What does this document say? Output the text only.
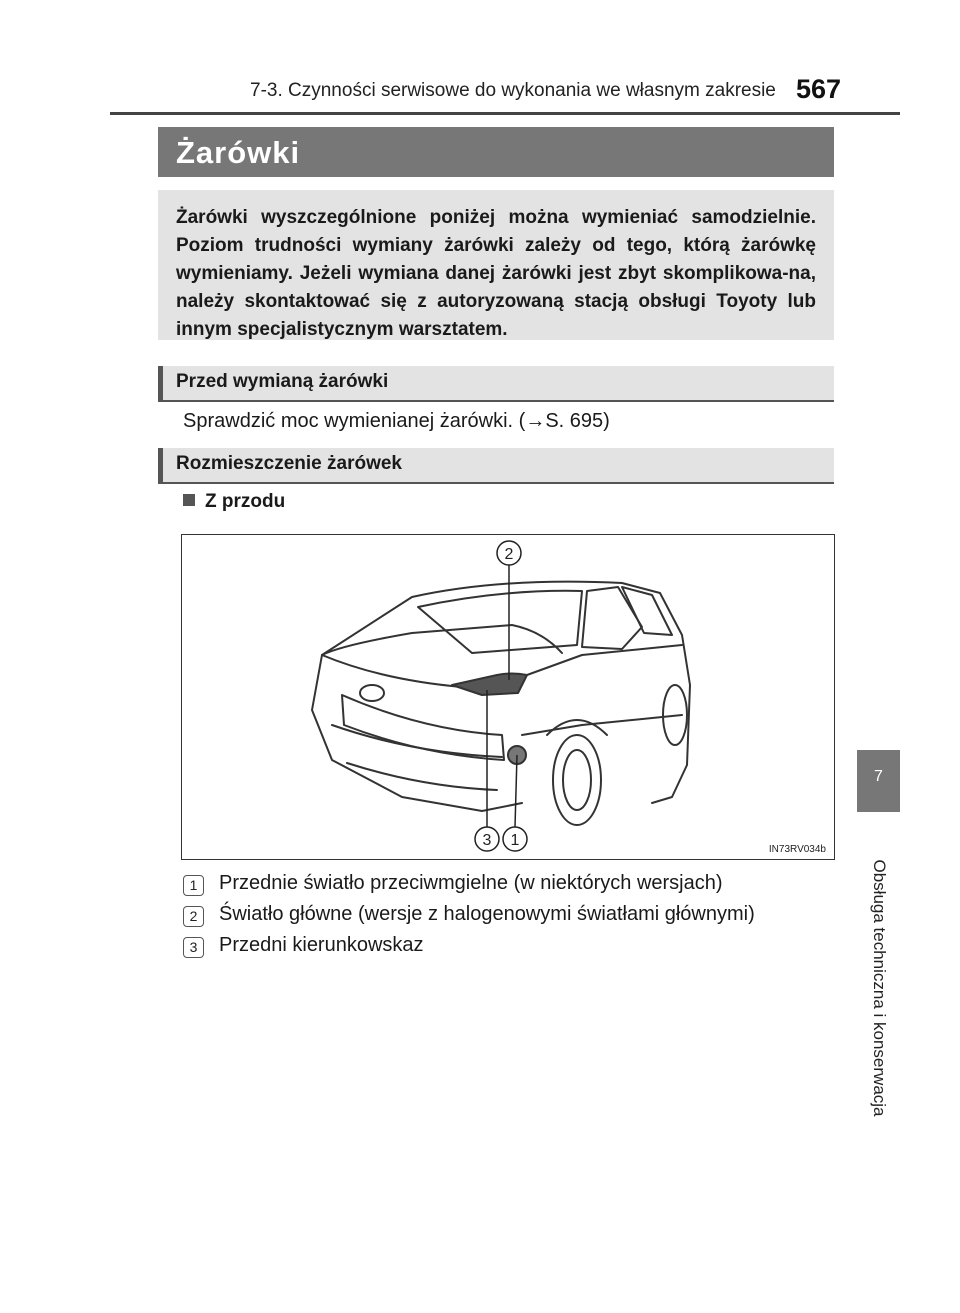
7-3. Czynności serwisowe do wykonania we własnym zakresie 567
Żarówki

Żarówki wyszczególnione poniżej można wymieniać samodzielnie. Poziom trudności wymiany żarówki zależy od tego, którą żarówkę wymieniamy. Jeżeli wymiana danej żarówki jest zbyt skomplikowa-na, należy skontaktować się z autoryzowaną stacją obsługi Toyoty lub innym specjalistycznym warsztatem.

Przed wymianą żarówki
Sprawdzić moc wymienianej żarówki. (→S. 695)
Rozmieszczenie żarówek
Z przodu
2
3 1
IN73RV034b
1	Przednie światło przeciwmgielne (w niektórych wersjach)
2	Światło główne (wersje z halogenowymi światłami głównymi)
3	Przedni kierunkowskaz
7
Obsługa techniczna i konserwacja
